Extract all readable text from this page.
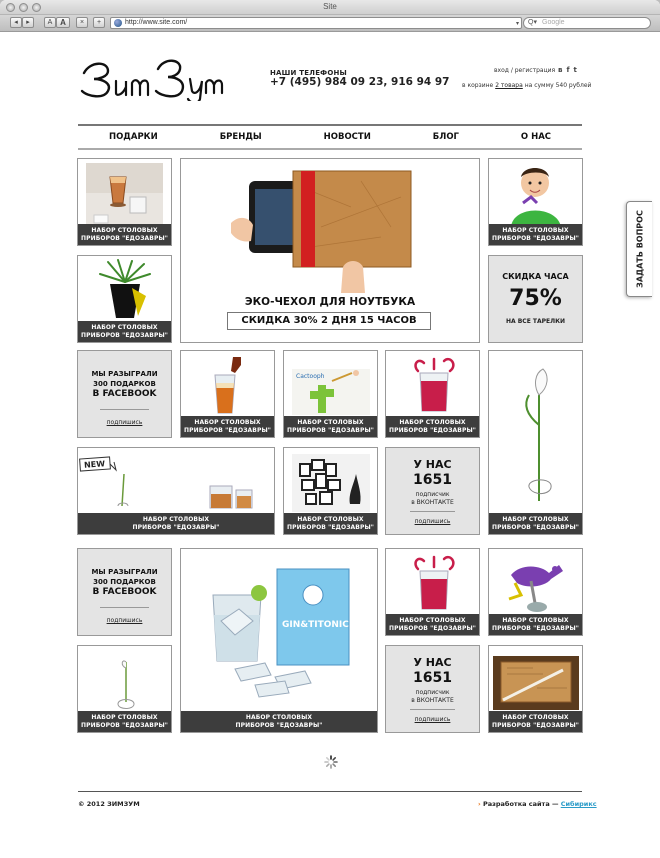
Site
◂	▸	A A	×	+	http://www.site.com/	▾ Q▾ Google
НАШИ ТЕЛЕФОНЫ
+7 (495) 984 09 23, 916 94 97
вход / регистрация в f t
в корзине 2 товара на сумму 540 рублей
ПОДАРКИ	БРЕНДЫ	НОВОСТИ	БЛОГ	О НАС
НАБОР СТОЛОВЫХ
ПРИБОРОВ "ЕДОЗАВРЫ"
НАБОР СТОЛОВЫХ
ПРИБОРОВ "ЕДОЗАВРЫ"
ЭКО-ЧЕХОЛ ДЛЯ НОУТБУКА
СКИДКА 30% 2 ДНЯ 15 ЧАСОВ
НАБОР СТОЛОВЫХ
ПРИБОРОВ "ЕДОЗАВРЫ"
СКИДКА ЧАСА
75%
НА ВСЕ ТАРЕЛКИ
МЫ РАЗЫГРАЛИ
300 ПОДАРКОВ
В FACEBOOK
подпишись	НАБОР СТОЛОВЫХ
ПРИБОРОВ "ЕДОЗАВРЫ"
Cactooph
НАБОР СТОЛОВЫХ
ПРИБОРОВ "ЕДОЗАВРЫ"
НАБОР СТОЛОВЫХ
ПРИБОРОВ "ЕДОЗАВРЫ"
НАБОР СТОЛОВЫХ
ПРИБОРОВ "ЕДОЗАВРЫ"
NEW
НАБОР СТОЛОВЫХ
ПРИБОРОВ "ЕДОЗАВРЫ"
НАБОР СТОЛОВЫХ
ПРИБОРОВ "ЕДОЗАВРЫ"
У НАС
1651
подписчик
в ВКОНТАКТЕ
подпишись
МЫ РАЗЫГРАЛИ
300 ПОДАРКОВ
В FACEBOOK
подпишись	GIN&TITONIC
НАБОР СТОЛОВЫХ
ПРИБОРОВ "ЕДОЗАВРЫ"
НАБОР СТОЛОВЫХ
ПРИБОРОВ "ЕДОЗАВРЫ"
НАБОР СТОЛОВЫХ
ПРИБОРОВ "ЕДОЗАВРЫ"
НАБОР СТОЛОВЫХ
ПРИБОРОВ "ЕДОЗАВРЫ"
У НАС
1651
подписчик
в ВКОНТАКТЕ
подпишись	НАБОР СТОЛОВЫХ
ПРИБОРОВ "ЕДОЗАВРЫ"
© 2012 ЗИМЗУМ	› Разработка сайта — Сибирикс
ЗАДАТЬ ВОПРОС
